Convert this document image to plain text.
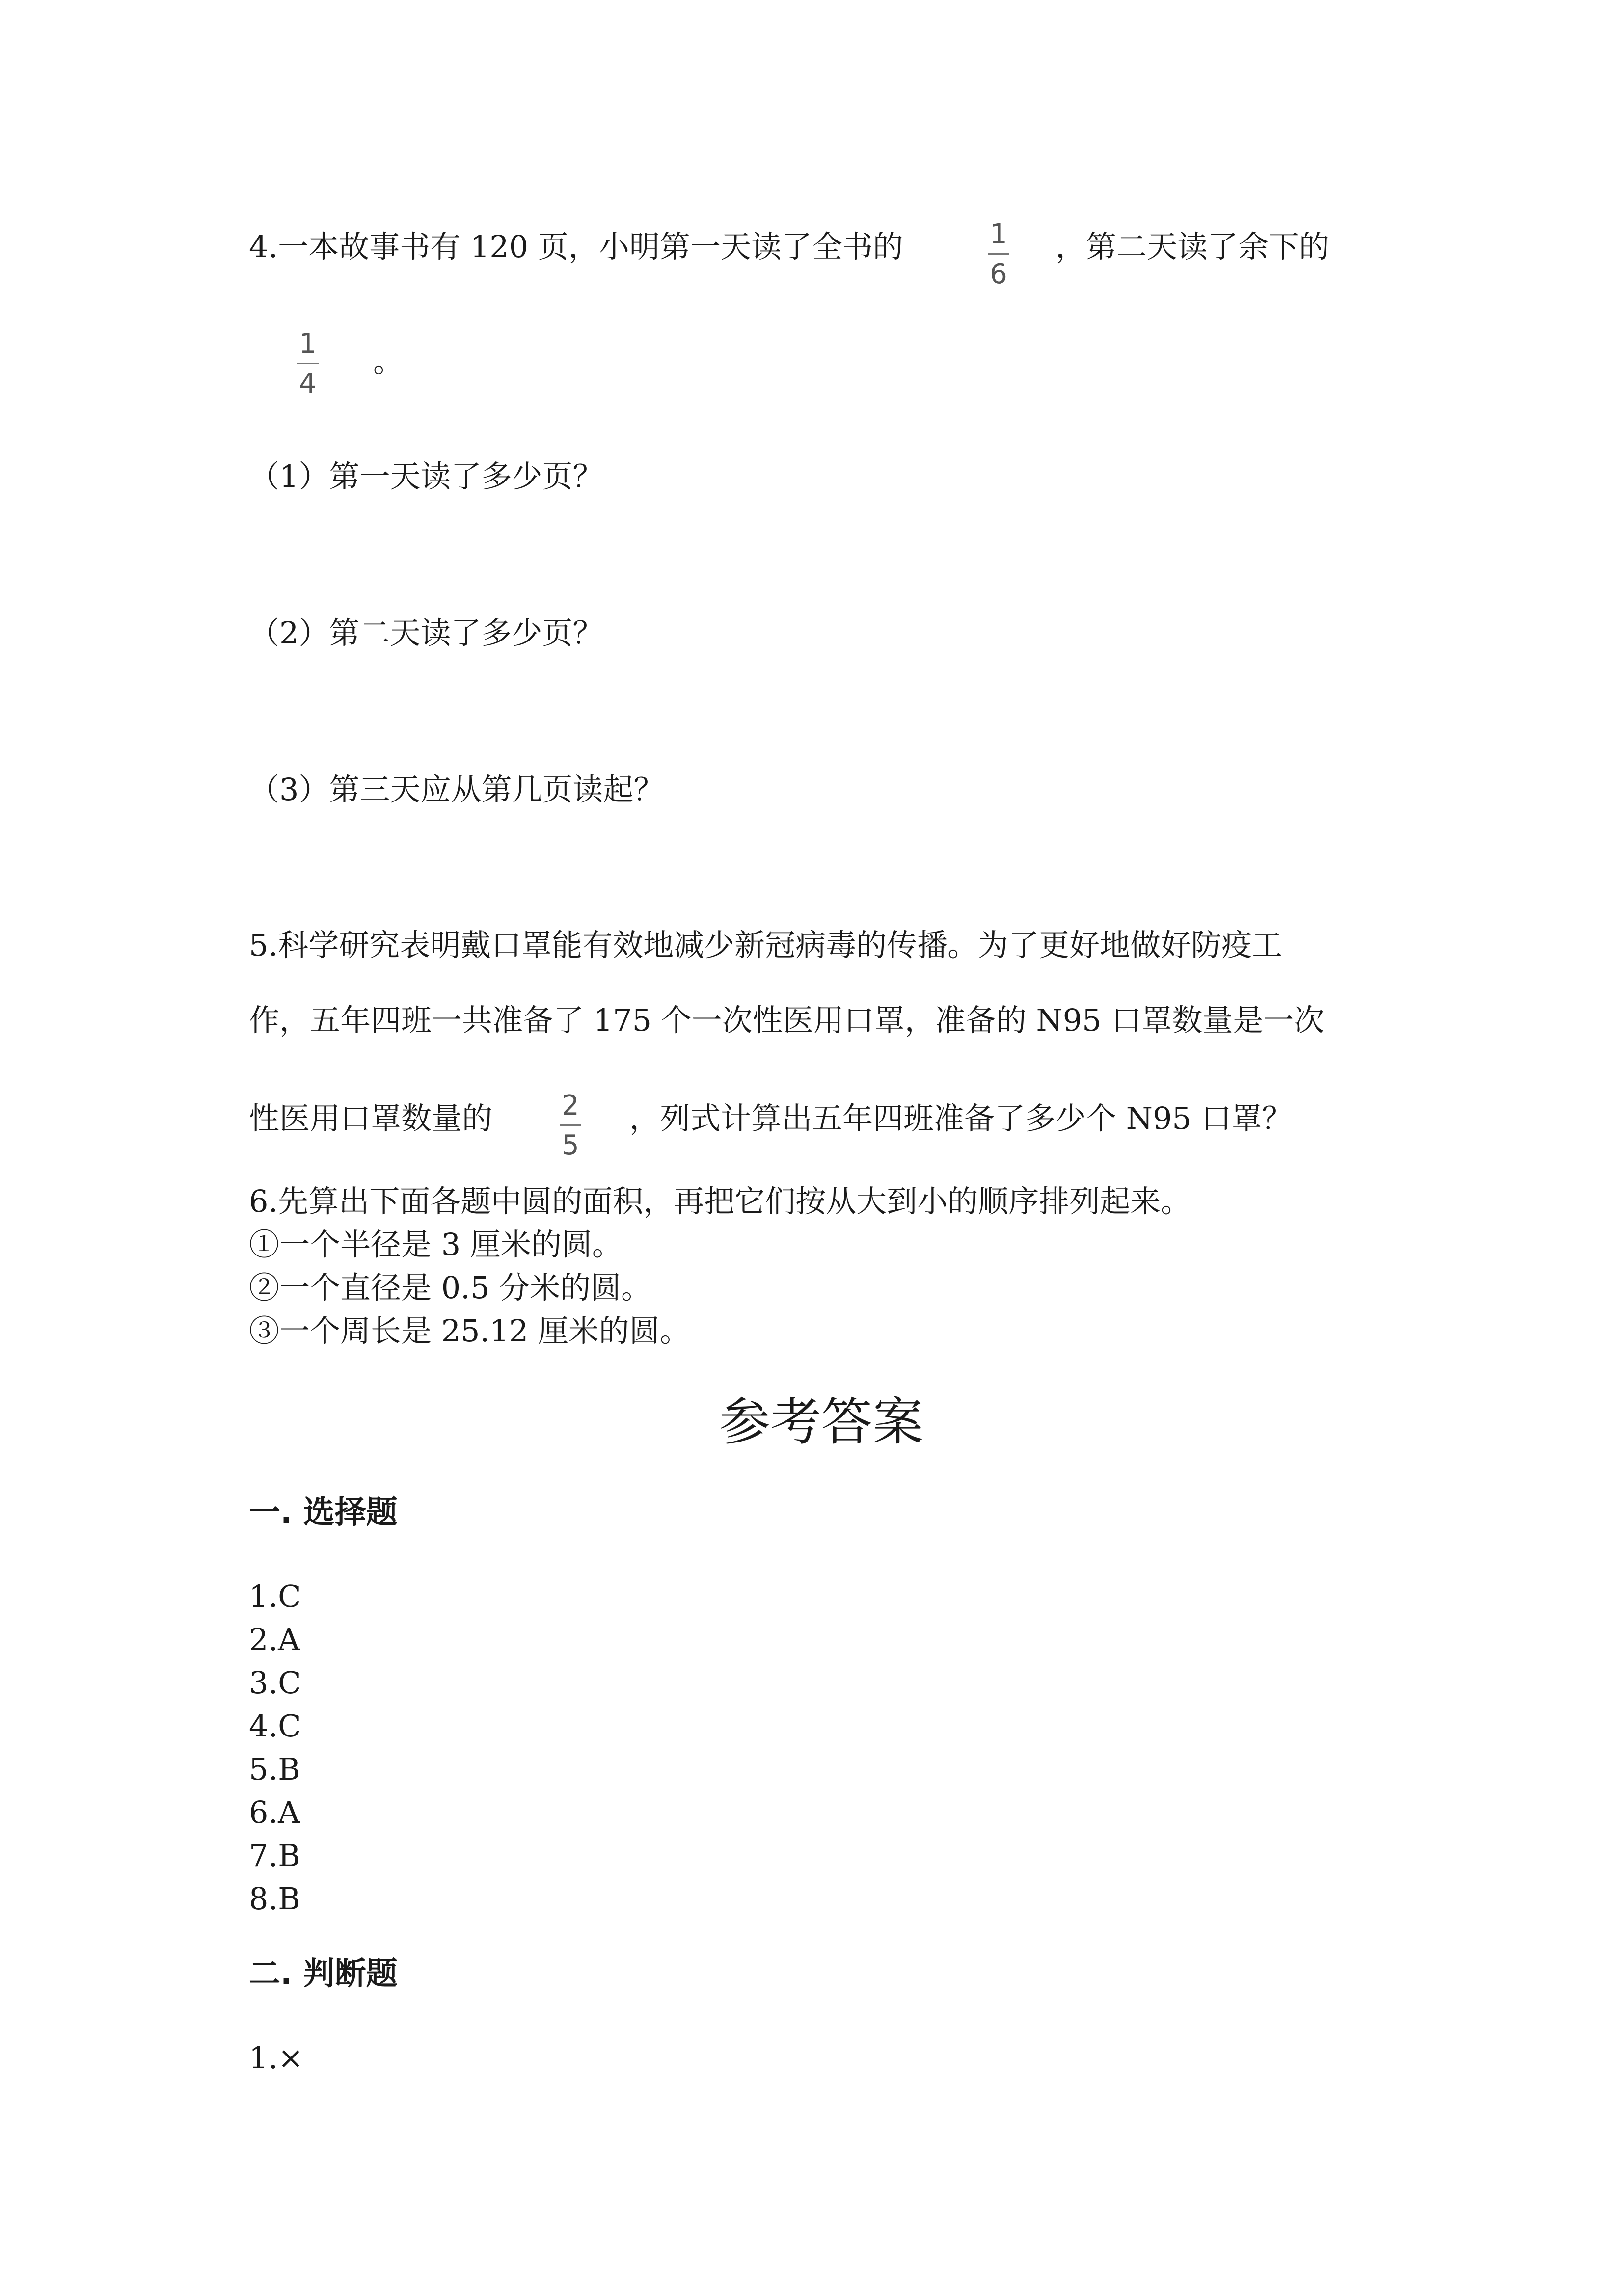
4.一本故事书有 120 页，小明第一天读了全书的	1
6
，第二天读了余下的
1
4
。
（1）第一天读了多少页？
（2）第二天读了多少页？
（3）第三天应从第几页读起？
5.科学研究表明戴口罩能有效地减少新冠病毒的传播。为了更好地做好防疫工
作，五年四班一共准备了 175 个一次性医用口罩，准备的 N95 口罩数量是一次
性医用口罩数量的	2
5
，列式计算出五年四班准备了多少个 N95 口罩？
6.先算出下面各题中圆的面积，再把它们按从大到小的顺序排列起来。
①一个半径是 3 厘米的圆。
②一个直径是 0.5 分米的圆。
③一个周长是 25.12 厘米的圆。
参考答案
一. 选择题
1.C
2.A
3.C
4.C
5.B
6.A
7.B
8.B
二. 判断题
1.×
